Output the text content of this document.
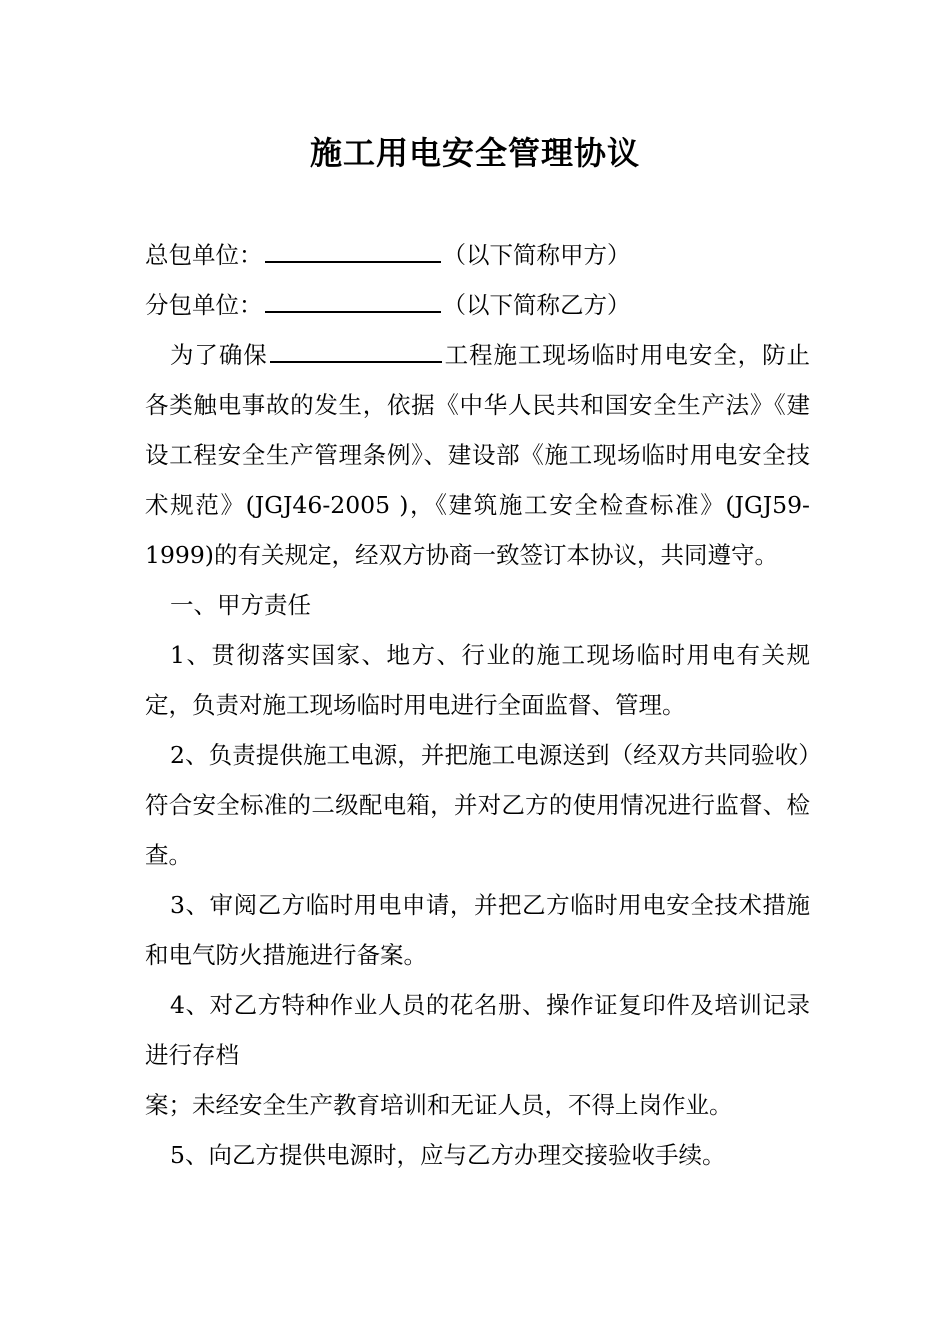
施工用电安全管理协议
总包单位：	（以下简称甲方）
分包单位：	（以下简称乙方）
为了确保	工程施工现场临时用电安全，防止各类触电事故的发生，依据《中华人民共和国安全生产法》《建设工程安全生产管理条例》、建设部《施工现场临时用电安全技术规范》(JGJ46-2005 )，《建筑施工安全检查标准》(JGJ59-1999)的有关规定，经双方协商一致签订本协议，共同遵守。
一、甲方责任
1、贯彻落实国家、地方、行业的施工现场临时用电有关规定，负责对施工现场临时用电进行全面监督、管理。
2、负责提供施工电源，并把施工电源送到（经双方共同验收）符合安全标准的二级配电箱，并对乙方的使用情况进行监督、检查。
3、审阅乙方临时用电申请，并把乙方临时用电安全技术措施和电气防火措施进行备案。
4、对乙方特种作业人员的花名册、操作证复印件及培训记录进行存档
案；未经安全生产教育培训和无证人员，不得上岗作业。
5、向乙方提供电源时，应与乙方办理交接验收手续。
